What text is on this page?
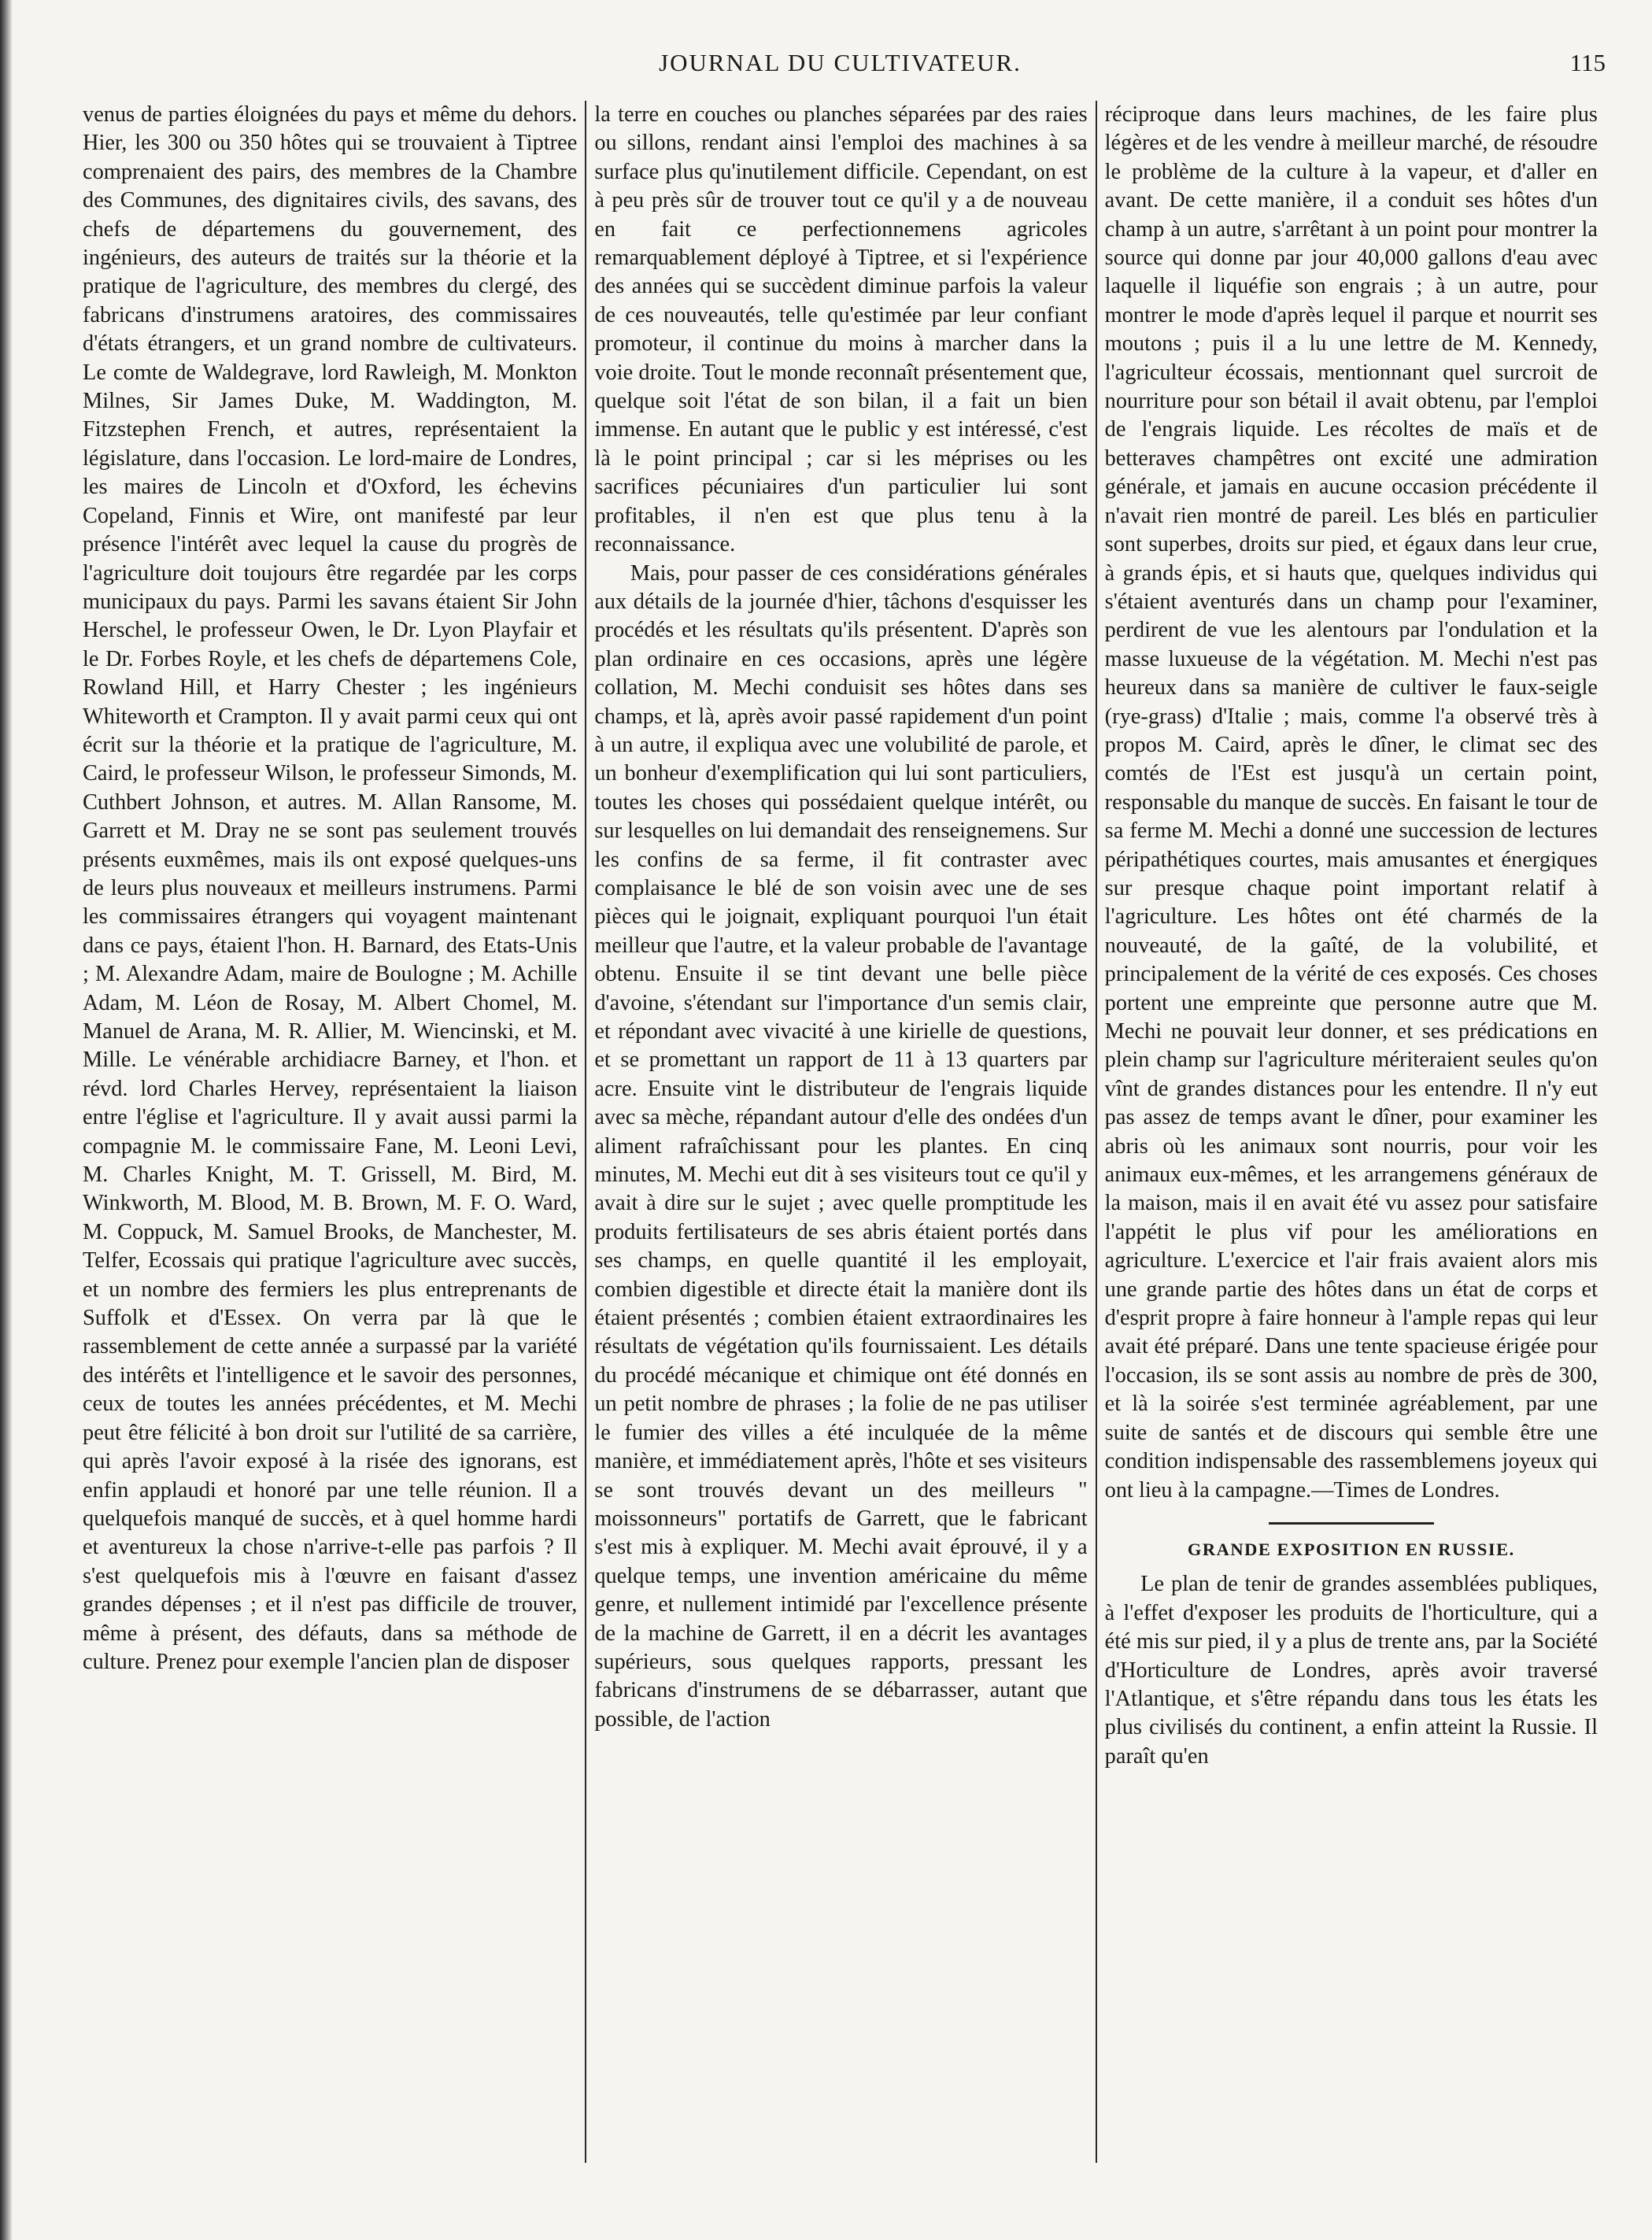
JOURNAL DU CULTIVATEUR.	115

venus de parties éloignées du pays et même du dehors. Hier, les 300 ou 350 hôtes qui se trouvaient à Tiptree comprenaient des pairs, des membres de la Chambre des Communes, des dignitaires civils, des savans, des chefs de départemens du gouvernement, des ingénieurs, des auteurs de traités sur la théorie et la pratique de l'agriculture, des membres du clergé, des fabricans d'instrumens aratoires, des commissaires d'états étrangers, et un grand nombre de cultivateurs. Le comte de Waldegrave, lord Rawleigh, M. Monkton Milnes, Sir James Duke, M. Waddington, M. Fitzstephen French, et autres, représentaient la législature, dans l'occasion. Le lord-maire de Londres, les maires de Lincoln et d'Oxford, les échevins Copeland, Finnis et Wire, ont manifesté par leur présence l'intérêt avec lequel la cause du progrès de l'agriculture doit toujours être regardée par les corps municipaux du pays. Parmi les savans étaient Sir John Herschel, le professeur Owen, le Dr. Lyon Playfair et le Dr. Forbes Royle, et les chefs de départemens Cole, Rowland Hill, et Harry Chester ; les ingénieurs Whiteworth et Crampton. Il y avait parmi ceux qui ont écrit sur la théorie et la pratique de l'agriculture, M. Caird, le professeur Wilson, le professeur Simonds, M. Cuthbert Johnson, et autres. M. Allan Ransome, M. Garrett et M. Dray ne se sont pas seulement trouvés présents euxmêmes, mais ils ont exposé quelques-uns de leurs plus nouveaux et meilleurs instrumens. Parmi les commissaires étrangers qui voyagent maintenant dans ce pays, étaient l'hon. H. Barnard, des Etats-Unis ; M. Alexandre Adam, maire de Boulogne ; M. Achille Adam, M. Léon de Rosay, M. Albert Chomel, M. Manuel de Arana, M. R. Allier, M. Wiencinski, et M. Mille. Le vénérable archidiacre Barney, et l'hon. et révd. lord Charles Hervey, représentaient la liaison entre l'église et l'agriculture. Il y avait aussi parmi la compagnie M. le commissaire Fane, M. Leoni Levi, M. Charles Knight, M. T. Grissell, M. Bird, M. Winkworth, M. Blood, M. B. Brown, M. F. O. Ward, M. Coppuck, M. Samuel Brooks, de Manchester, M. Telfer, Ecossais qui pratique l'agriculture avec succès, et un nombre des fermiers les plus entreprenants de Suffolk et d'Essex. On verra par là que le rassemblement de cette année a surpassé par la variété des intérêts et l'intelligence et le savoir des personnes, ceux de toutes les années précédentes, et M. Mechi peut être félicité à bon droit sur l'utilité de sa carrière, qui après l'avoir exposé à la risée des ignorans, est enfin applaudi et honoré par une telle réunion. Il a quelquefois manqué de succès, et à quel homme hardi et aventureux la chose n'arrive-t-elle pas parfois ? Il s'est quelquefois mis à l'œuvre en faisant d'assez grandes dépenses ; et il n'est pas difficile de trouver, même à présent, des défauts, dans sa méthode de culture. Prenez pour exemple l'ancien plan de disposer

la terre en couches ou planches séparées par des raies ou sillons, rendant ainsi l'emploi des machines à sa surface plus qu'inutilement difficile. Cependant, on est à peu près sûr de trouver tout ce qu'il y a de nouveau en fait ce perfectionnemens agricoles remarquablement déployé à Tiptree, et si l'expérience des années qui se succèdent diminue parfois la valeur de ces nouveautés, telle qu'estimée par leur confiant promoteur, il continue du moins à marcher dans la voie droite. Tout le monde reconnaît présentement que, quelque soit l'état de son bilan, il a fait un bien immense. En autant que le public y est intéressé, c'est là le point principal ; car si les méprises ou les sacrifices pécuniaires d'un particulier lui sont profitables, il n'en est que plus tenu à la reconnaissance.

Mais, pour passer de ces considérations générales aux détails de la journée d'hier, tâchons d'esquisser les procédés et les résultats qu'ils présentent. D'après son plan ordinaire en ces occasions, après une légère collation, M. Mechi conduisit ses hôtes dans ses champs, et là, après avoir passé rapidement d'un point à un autre, il expliqua avec une volubilité de parole, et un bonheur d'exemplification qui lui sont particuliers, toutes les choses qui possédaient quelque intérêt, ou sur lesquelles on lui demandait des renseignemens. Sur les confins de sa ferme, il fit contraster avec complaisance le blé de son voisin avec une de ses pièces qui le joignait, expliquant pourquoi l'un était meilleur que l'autre, et la valeur probable de l'avantage obtenu. Ensuite il se tint devant une belle pièce d'avoine, s'étendant sur l'importance d'un semis clair, et répondant avec vivacité à une kirielle de questions, et se promettant un rapport de 11 à 13 quarters par acre. Ensuite vint le distributeur de l'engrais liquide avec sa mèche, répandant autour d'elle des ondées d'un aliment rafraîchissant pour les plantes. En cinq minutes, M. Mechi eut dit à ses visiteurs tout ce qu'il y avait à dire sur le sujet ; avec quelle promptitude les produits fertilisateurs de ses abris étaient portés dans ses champs, en quelle quantité il les employait, combien digestible et directe était la manière dont ils étaient présentés ; combien étaient extraordinaires les résultats de végétation qu'ils fournissaient. Les détails du procédé mécanique et chimique ont été donnés en un petit nombre de phrases ; la folie de ne pas utiliser le fumier des villes a été inculquée de la même manière, et immédiatement après, l'hôte et ses visiteurs se sont trouvés devant un des meilleurs " moissonneurs" portatifs de Garrett, que le fabricant s'est mis à expliquer. M. Mechi avait éprouvé, il y a quelque temps, une invention américaine du même genre, et nullement intimidé par l'excellence présente de la machine de Garrett, il en a décrit les avantages supérieurs, sous quelques rapports, pressant les fabricans d'instrumens de se débarrasser, autant que possible, de l'action

réciproque dans leurs machines, de les faire plus légères et de les vendre à meilleur marché, de résoudre le problème de la culture à la vapeur, et d'aller en avant. De cette manière, il a conduit ses hôtes d'un champ à un autre, s'arrêtant à un point pour montrer la source qui donne par jour 40,000 gallons d'eau avec laquelle il liquéfie son engrais ; à un autre, pour montrer le mode d'après lequel il parque et nourrit ses moutons ; puis il a lu une lettre de M. Kennedy, l'agriculteur écossais, mentionnant quel surcroit de nourriture pour son bétail il avait obtenu, par l'emploi de l'engrais liquide. Les récoltes de maïs et de betteraves champêtres ont excité une admiration générale, et jamais en aucune occasion précédente il n'avait rien montré de pareil. Les blés en particulier sont superbes, droits sur pied, et égaux dans leur crue, à grands épis, et si hauts que, quelques individus qui s'étaient aventurés dans un champ pour l'examiner, perdirent de vue les alentours par l'ondulation et la masse luxueuse de la végétation. M. Mechi n'est pas heureux dans sa manière de cultiver le faux-seigle (rye-grass) d'Italie ; mais, comme l'a observé très à propos M. Caird, après le dîner, le climat sec des comtés de l'Est est jusqu'à un certain point, responsable du manque de succès. En faisant le tour de sa ferme M. Mechi a donné une succession de lectures péripathétiques courtes, mais amusantes et énergiques sur presque chaque point important relatif à l'agriculture. Les hôtes ont été charmés de la nouveauté, de la gaîté, de la volubilité, et principalement de la vérité de ces exposés. Ces choses portent une empreinte que personne autre que M. Mechi ne pouvait leur donner, et ses prédications en plein champ sur l'agriculture mériteraient seules qu'on vînt de grandes distances pour les entendre. Il n'y eut pas assez de temps avant le dîner, pour examiner les abris où les animaux sont nourris, pour voir les animaux eux-mêmes, et les arrangemens généraux de la maison, mais il en avait été vu assez pour satisfaire l'appétit le plus vif pour les améliorations en agriculture. L'exercice et l'air frais avaient alors mis une grande partie des hôtes dans un état de corps et d'esprit propre à faire honneur à l'ample repas qui leur avait été préparé. Dans une tente spacieuse érigée pour l'occasion, ils se sont assis au nombre de près de 300, et là la soirée s'est terminée agréablement, par une suite de santés et de discours qui semble être une condition indispensable des rassemblemens joyeux qui ont lieu à la campagne.—Times de Londres.

GRANDE EXPOSITION EN RUSSIE.

Le plan de tenir de grandes assemblées publiques, à l'effet d'exposer les produits de l'horticulture, qui a été mis sur pied, il y a plus de trente ans, par la Société d'Horticulture de Londres, après avoir traversé l'Atlantique, et s'être répandu dans tous les états les plus civilisés du continent, a enfin atteint la Russie. Il paraît qu'en
